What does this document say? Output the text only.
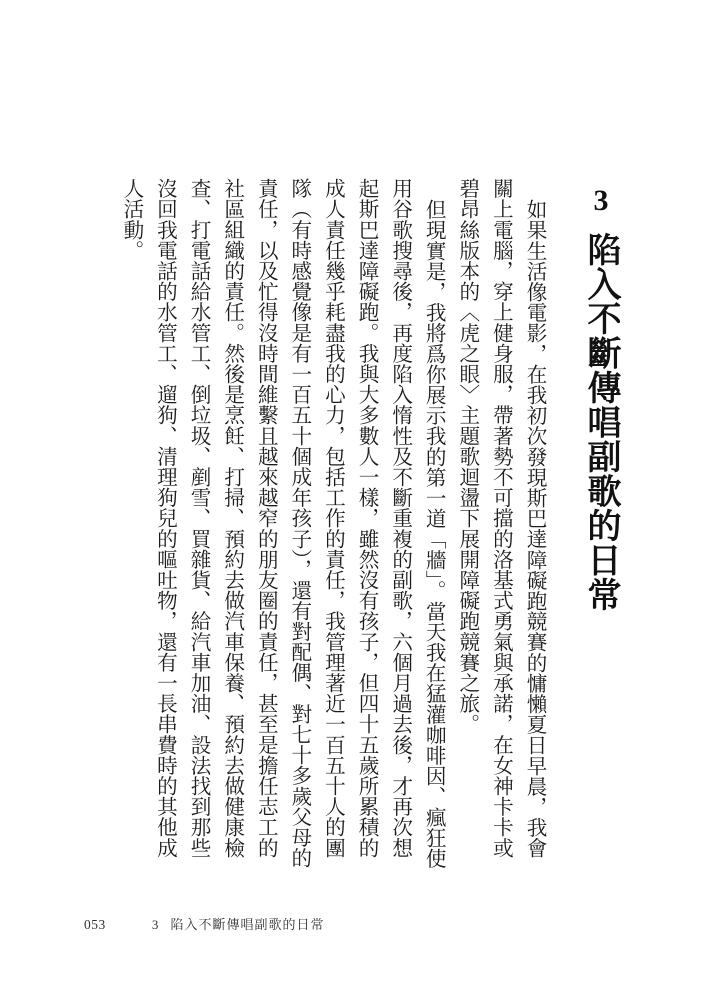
3
陷入不斷傳唱副歌的日常

如果生活像電影，在我初次發現斯巴達障礙跑競賽的慵懶夏日早晨，我會關上電腦，穿上健身服，帶著勢不可擋的洛基式勇氣與承諾，在女神卡卡或碧昂絲版本的〈虎之眼〉主題歌迴盪下展開障礙跑競賽之旅。

但現實是，我將爲你展示我的第一道「牆」。當天我在猛灌咖啡因、瘋狂使用谷歌搜尋後，再度陷入惰性及不斷重複的副歌，六個月過去後，才再次想起斯巴達障礙跑。我與大多數人一樣，雖然沒有孩子，但四十五歲所累積的成人責任幾乎耗盡我的心力，包括工作的責任，我管理著近一百五十人的團隊（有時感覺像是有一百五十個成年孩子），還有對配偶、對七十多歲父母的責任，以及忙得沒時間維繫且越來越窄的朋友圈的責任，甚至是擔任志工的社區組織的責任。然後是烹飪、打掃、預約去做汽車保養、預約去做健康檢查、打電話給水管工、倒垃圾、剷雪、買雜貨、給汽車加油、設法找到那些沒回我電話的水管工、遛狗、清理狗兒的嘔吐物，還有一長串費時的其他成人活動。

053	3 陷入不斷傳唱副歌的日常
